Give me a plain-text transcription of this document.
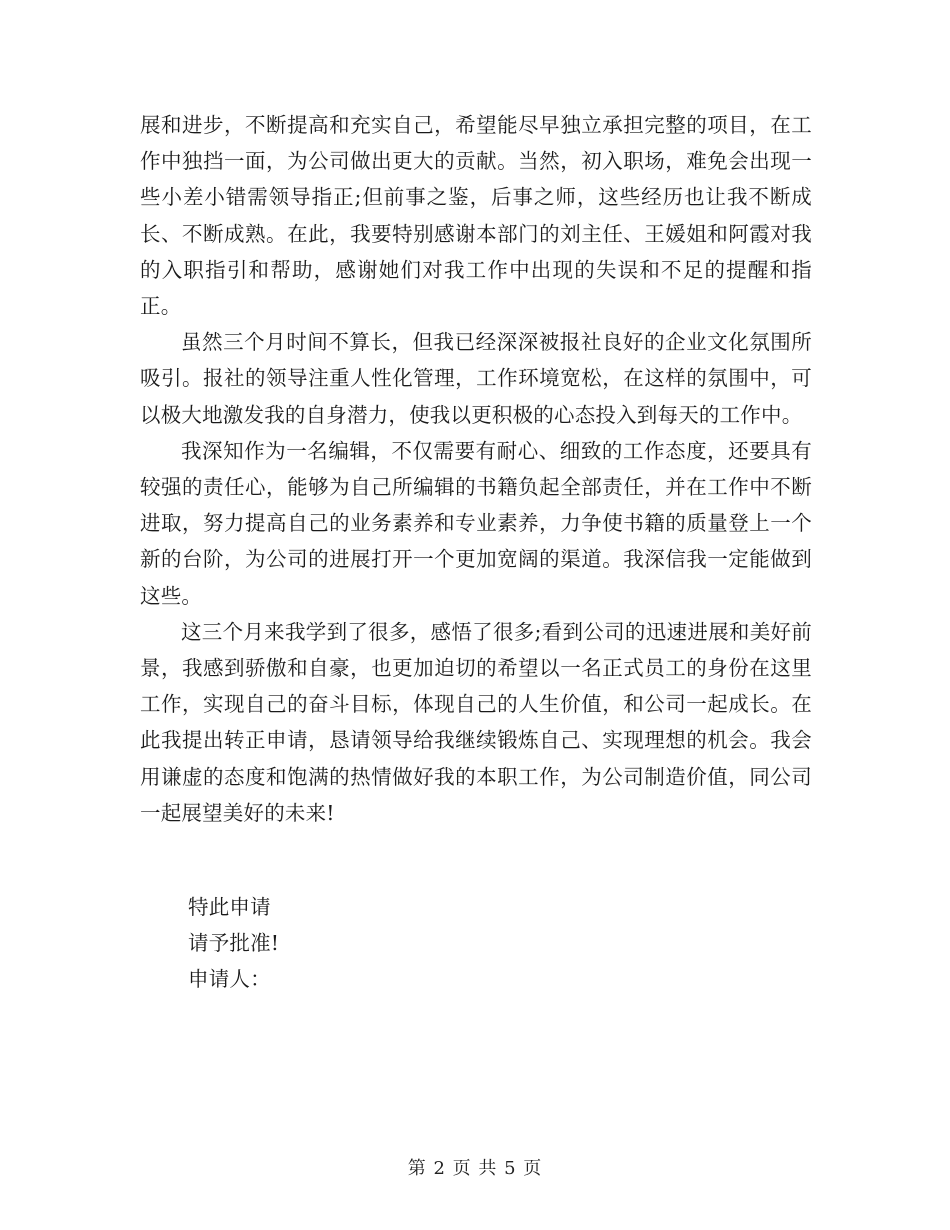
展和进步，不断提高和充实自己，希望能尽早独立承担完整的项目，在工作中独挡一面，为公司做出更大的贡献。当然，初入职场，难免会出现一些小差小错需领导指正;但前事之鉴，后事之师，这些经历也让我不断成长、不断成熟。在此，我要特别感谢本部门的刘主任、王媛姐和阿霞对我的入职指引和帮助，感谢她们对我工作中出现的失误和不足的提醒和指正。

虽然三个月时间不算长，但我已经深深被报社良好的企业文化氛围所吸引。报社的领导注重人性化管理，工作环境宽松，在这样的氛围中，可以极大地激发我的自身潜力，使我以更积极的心态投入到每天的工作中。

我深知作为一名编辑，不仅需要有耐心、细致的工作态度，还要具有较强的责任心，能够为自己所编辑的书籍负起全部责任，并在工作中不断进取，努力提高自己的业务素养和专业素养，力争使书籍的质量登上一个新的台阶，为公司的进展打开一个更加宽阔的渠道。我深信我一定能做到这些。

这三个月来我学到了很多，感悟了很多;看到公司的迅速进展和美好前景，我感到骄傲和自豪，也更加迫切的希望以一名正式员工的身份在这里工作，实现自己的奋斗目标，体现自己的人生价值，和公司一起成长。在此我提出转正申请，恳请领导给我继续锻炼自己、实现理想的机会。我会用谦虚的态度和饱满的热情做好我的本职工作，为公司制造价值，同公司一起展望美好的未来!

特此申请
请予批准!
申请人：
第 2 页 共 5 页
